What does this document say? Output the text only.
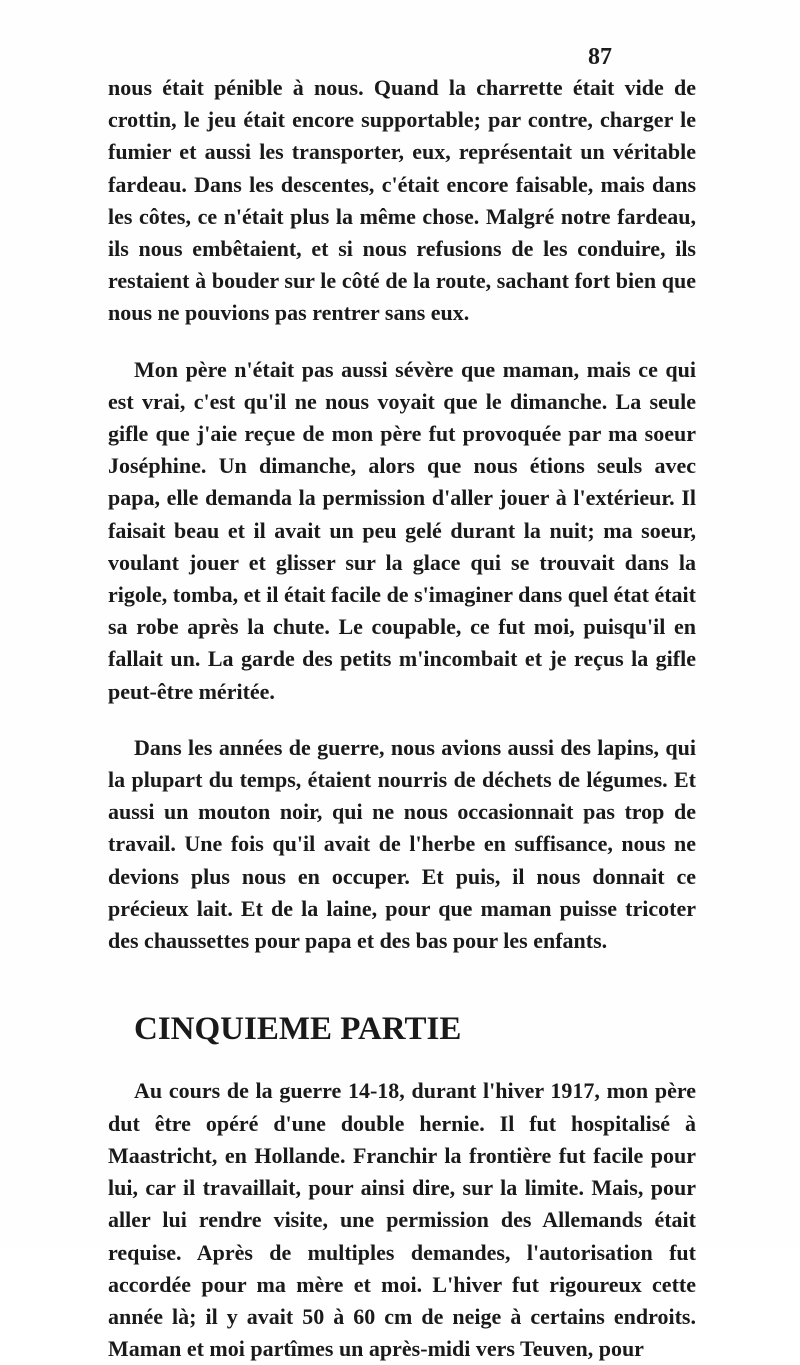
87

nous était pénible à nous. Quand la charrette était vide de crottin, le jeu était encore supportable; par contre, charger le fumier et aussi les transporter, eux, représentait un véritable fardeau. Dans les descentes, c'était encore faisable, mais dans les côtes, ce n'était plus la même chose. Malgré notre fardeau, ils nous embêtaient, et si nous refusions de les conduire, ils restaient à bouder sur le côté de la route, sachant fort bien que nous ne pouvions pas rentrer sans eux.

Mon père n'était pas aussi sévère que maman, mais ce qui est vrai, c'est qu'il ne nous voyait que le dimanche. La seule gifle que j'aie reçue de mon père fut provoquée par ma soeur Joséphine. Un dimanche, alors que nous étions seuls avec papa, elle demanda la permission d'aller jouer à l'extérieur. Il faisait beau et il avait un peu gelé durant la nuit; ma soeur, voulant jouer et glisser sur la glace qui se trouvait dans la rigole, tomba, et il était facile de s'imaginer dans quel état était sa robe après la chute. Le coupable, ce fut moi, puisqu'il en fallait un. La garde des petits m'incombait et je reçus la gifle peut-être méritée.

Dans les années de guerre, nous avions aussi des lapins, qui la plupart du temps, étaient nourris de déchets de légumes. Et aussi un mouton noir, qui ne nous occasionnait pas trop de travail. Une fois qu'il avait de l'herbe en suffisance, nous ne devions plus nous en occuper. Et puis, il nous donnait ce précieux lait. Et de la laine, pour que maman puisse tricoter des chaussettes pour papa et des bas pour les enfants.

CINQUIEME PARTIE

Au cours de la guerre 14-18, durant l'hiver 1917, mon père dut être opéré d'une double hernie. Il fut hospitalisé à Maastricht, en Hollande. Franchir la frontière fut facile pour lui, car il travaillait, pour ainsi dire, sur la limite. Mais, pour aller lui rendre visite, une permission des Allemands était requise. Après de multiples demandes, l'autorisation fut accordée pour ma mère et moi. L'hiver fut rigoureux cette année là; il y avait 50 à 60 cm de neige à certains endroits. Maman et moi partîmes un après-midi vers Teuven, pour
